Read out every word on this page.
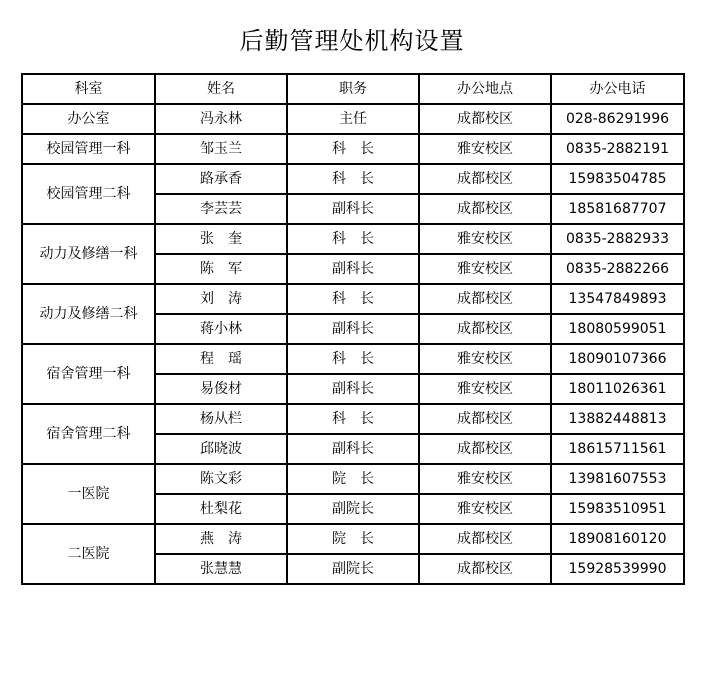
后勤管理处机构设置
科室	姓名	职务	办公地点	办公电话
办公室	冯永林	主任	成都校区	028-86291996
校园管理一科	邹玉兰	科　长	雅安校区	0835-2882191
校园管理二科	路承香	科　长	成都校区	15983504785
	李芸芸	副科长	成都校区	18581687707
动力及修缮一科	张　奎	科　长	雅安校区	0835-2882933
	陈　军	副科长	雅安校区	0835-2882266
动力及修缮二科	刘　涛	科　长	成都校区	13547849893
	蒋小林	副科长	成都校区	18080599051
宿舍管理一科	程　瑶	科　长	雅安校区	18090107366
	易俊材	副科长	雅安校区	18011026361
宿舍管理二科	杨从栏	科　长	成都校区	13882448813
	邱晓波	副科长	成都校区	18615711561
一医院	陈文彩	院　长	雅安校区	13981607553
	杜梨花	副院长	雅安校区	15983510951
二医院	燕　涛	院　长	成都校区	18908160120
	张慧慧	副院长	成都校区	15928539990
